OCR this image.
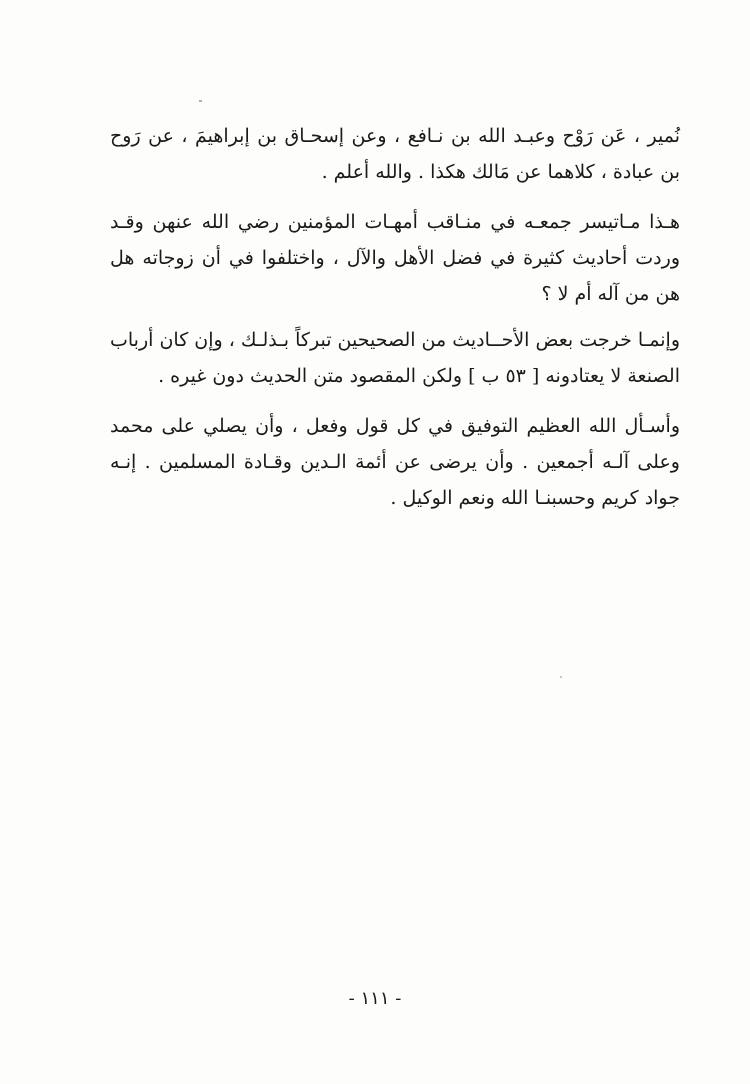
نُمير ، عَن رَوْح وعبـد الله بن نـافع ، وعن إسحـاق بن إبراهيمَ ، عن رَوح بن عبادة ، كلاهما عن مَالك هكذا . والله أعلم .

هـذا مـاتيسر جمعـه في منـاقب أمهـات المؤمنين رضي الله عنهن وقـد وردت أحاديث كثيرة في فضل الأهل والآل ، واختلفوا في أن زوجاته هل هن من آله أم لا ؟

وإنمـا خرجت بعض الأحــاديث من الصحيحين تبركاً بـذلـك ، وإن كان أرباب الصنعة لا يعتادونه [ ٥٣ ب ] ولكن المقصود متن الحديث دون غيره .

وأسـأل الله العظيم التوفيق في كل قول وفعل ، وأن يصلي على محمد وعلى آلـه أجمعين . وأن يرضى عن أئمة الـدين وقـادة المسلمين . إنـه جواد كريم وحسبنـا الله ونعم الوكيل .

- ١١١ -
